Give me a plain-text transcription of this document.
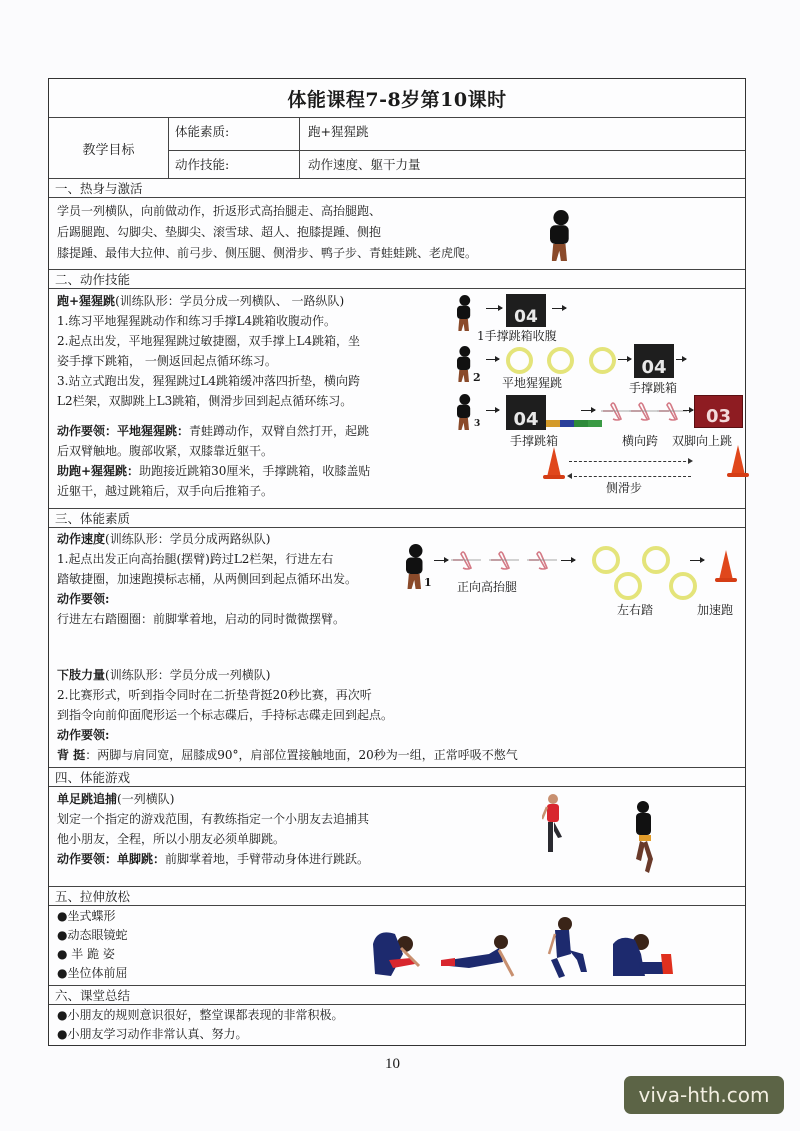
体能课程7-8岁第10课时
教学目标
体能素质:	跑+猩猩跳
动作技能:	动作速度、躯干力量
一、热身与激活
学员一列横队，向前做动作，折返形式高抬腿走、高抬腿跑、
后踢腿跑、勾脚尖、垫脚尖、滚雪球、超人、抱膝提踵、侧抱
膝提踵、最伟大拉伸、前弓步、侧压腿、侧滑步、鸭子步、青蛙蛙跳、老虎爬。
二、动作技能
跑+猩猩跳(训练队形：学员分成一列横队、 一路纵队)
1.练习平地猩猩跳动作和练习手撑L4跳箱收腹动作。
2.起点出发，平地猩猩跳过敏捷圈，双手撑上L4跳箱，坐
姿手撑下跳箱， 一侧返回起点循环练习。
3.站立式跑出发，猩猩跳过L4跳箱缓冲落四折垫，横向跨
L2栏架，双脚跳上L3跳箱，侧滑步回到起点循环练习。
动作要领：平地猩猩跳：青蛙蹲动作，双臂自然打开，起跳
后双臂触地。腹部收紧，双膝靠近躯干。
助跑+猩猩跳：助跑接近跳箱30厘米，手撑跳箱，收膝盖贴
近躯干，越过跳箱后，双手向后推箱子。
04
1手撑跳箱收腹
2 平地猩猩跳
04
手撑跳箱
3	04
手撑跳箱
03
横向跨 双脚向上跳
侧滑步
三、体能素质
动作速度(训练队形：学员分成两路纵队)
1.起点出发正向高抬腿(摆臂)跨过L2栏架，行进左右
踏敏捷圈，加速跑摸标志桶，从两侧回到起点循环出发。
动作要领:
行进左右踏圈圈：前脚掌着地，启动的同时微微摆臂。
下肢力量(训练队形：学员分成一列横队)
2.比赛形式，听到指令同时在二折垫背挺20秒比赛，再次听
到指令向前仰面爬形运一个标志碟后，手持标志碟走回到起点。
动作要领:
背 挺：两脚与肩同宽，屈膝成90°，肩部位置接触地面，20秒为一组，正常呼吸不憋气
1 正向高抬腿
左右踏	加速跑
四、体能游戏
单足跳追捕(一列横队)
划定一个指定的游戏范围，有教练指定一个小朋友去追捕其
他小朋友，全程，所以小朋友必须单脚跳。
动作要领：单脚跳：前脚掌着地，手臂带动身体进行跳跃。
五、拉伸放松
●坐式蝶形
●动态眼镜蛇
● 半 跪 姿
●坐位体前屈
六、课堂总结
●小朋友的规则意识很好，整堂课都表现的非常积极。
●小朋友学习动作非常认真、努力。
10
viva-hth.com
